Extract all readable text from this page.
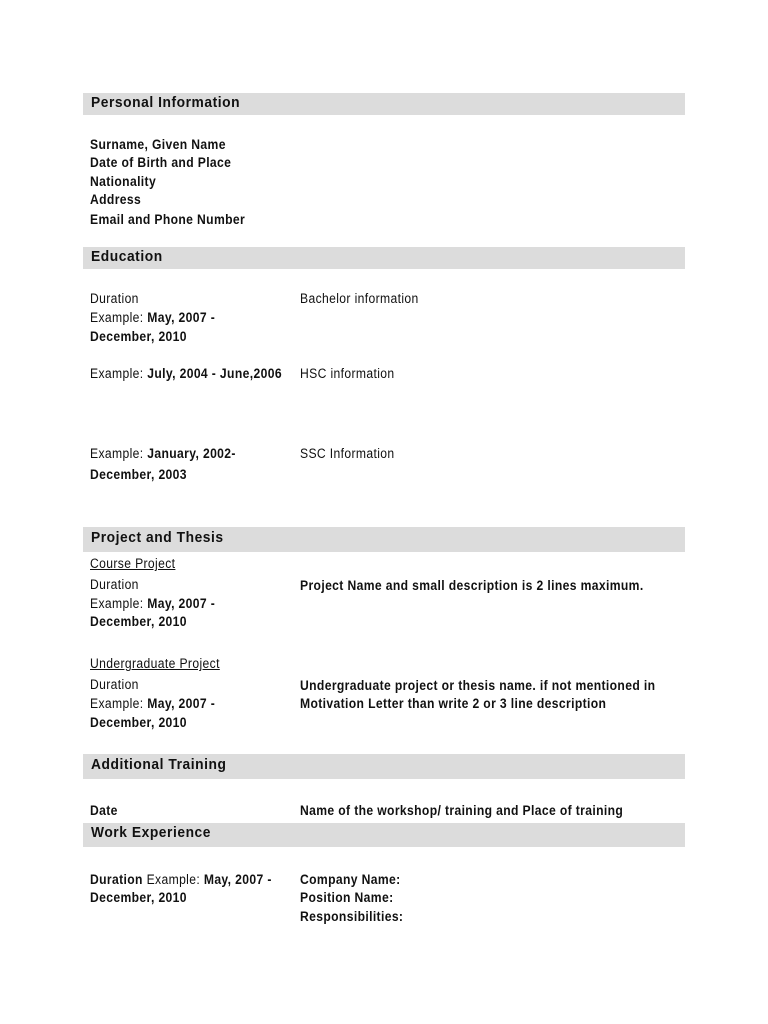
Personal Information
Surname, Given Name
Date of Birth and Place
Nationality
Address
Email and Phone Number
Education
Duration
Example: May, 2007 -
December, 2010
Bachelor information
Example: July, 2004 - June,2006 HSC information
Example: January, 2002-
December, 2003
SSC Information
Project and Thesis
Course Project
Duration
Example: May, 2007 -
December, 2010
Project Name and small description is 2 lines maximum.
Undergraduate Project
Duration
Example: May, 2007 -
December, 2010
Undergraduate project or thesis name. if not mentioned in
Motivation Letter than write 2 or 3 line description
Additional Training
Date	Name of the workshop/ training and Place of training
Work Experience
Duration Example: May, 2007 -
December, 2010
Company Name:
Position Name:
Responsibilities:
